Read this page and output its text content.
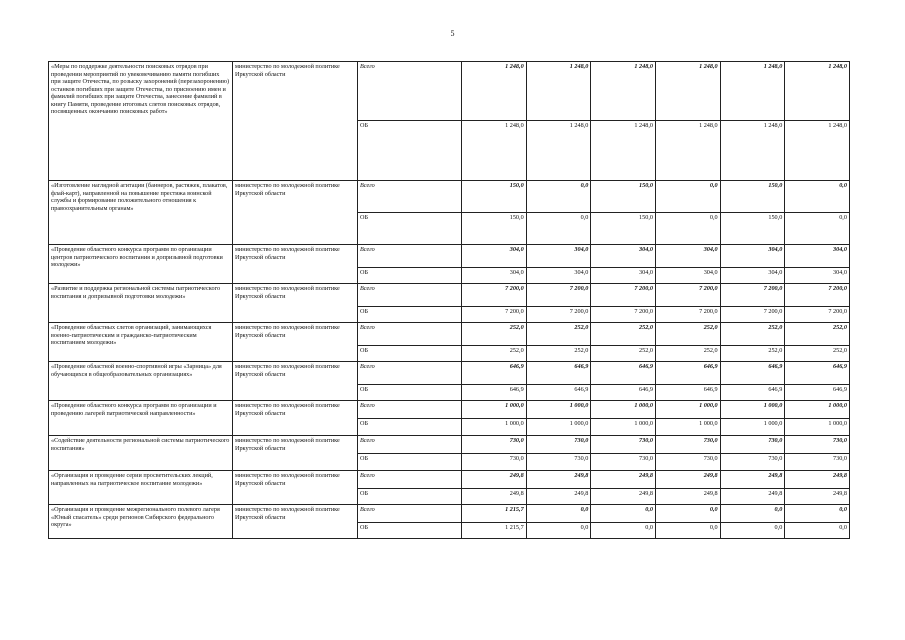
5
«Меры по поддержке деятельности поисковых отрядов при проведении мероприятий по увековечиванию памяти погибших при защите Отечества, по розыску захоронений (перезахоронению) останков погибших при защите Отечества, по присвоению имен и фамилий погибших при защите Отечества, занесение фамилий в книгу Памяти, проведение итоговых слетов поисковых отрядов, посвященных окончанию поисковых работ»	министерство по молодежной политике Иркутской области	Всего	1 248,0	1 248,0	1 248,0	1 248,0	1 248,0	1 248,0
		ОБ	1 248,0	1 248,0	1 248,0	1 248,0	1 248,0	1 248,0
«Изготовление наглядной агитации (баннеров, растяжек, плакатов, флай-карт), направленной на повышение престижа воинской службы и формирование положительного отношения к правоохранительным органам»	министерство по молодежной политике Иркутской области	Всего	150,0	0,0	150,0	0,0	150,0	0,0
		ОБ	150,0	0,0	150,0	0,0	150,0	0,0
«Проведение областного конкурса программ по организации центров патриотического воспитания и допризывной подготовки молодежи»	министерство по молодежной политике Иркутской области	Всего	304,0	304,0	304,0	304,0	304,0	304,0
		ОБ	304,0	304,0	304,0	304,0	304,0	304,0
«Развитие и поддержка региональной системы патриотического воспитания и допризывной подготовки молодежи»	министерство по молодежной политике Иркутской области	Всего	7 200,0	7 200,0	7 200,0	7 200,0	7 200,0	7 200,0
		ОБ	7 200,0	7 200,0	7 200,0	7 200,0	7 200,0	7 200,0
«Проведение областных слетов организаций, занимающихся военно-патриотическим и гражданско-патриотическим воспитанием молодежи»	министерство по молодежной политике Иркутской области	Всего	252,0	252,0	252,0	252,0	252,0	252,0
		ОБ	252,0	252,0	252,0	252,0	252,0	252,0
«Проведение областной военно-спортивной игры «Зарница» для обучающихся в общеобразовательных организациях»	министерство по молодежной политике Иркутской области	Всего	646,9	646,9	646,9	646,9	646,9	646,9
		ОБ	646,9	646,9	646,9	646,9	646,9	646,9
«Проведение областного конкурса программ по организации и проведению лагерей патриотической направленности»	министерство по молодежной политике Иркутской области	Всего	1 000,0	1 000,0	1 000,0	1 000,0	1 000,0	1 000,0
		ОБ	1 000,0	1 000,0	1 000,0	1 000,0	1 000,0	1 000,0
«Содействие деятельности региональной системы патриотического воспитания»	министерство по молодежной политике Иркутской области	Всего	730,0	730,0	730,0	730,0	730,0	730,0
		ОБ	730,0	730,0	730,0	730,0	730,0	730,0
«Организация и проведение серии просветительских лекций, направленных на патриотическое воспитание молодежи»	министерство по молодежной политике Иркутской области	Всего	249,8	249,8	249,8	249,8	249,8	249,8
		ОБ	249,8	249,8	249,8	249,8	249,8	249,8
«Организация и проведение межрегионального полевого лагеря «Юный спасатель» среди регионов Сибирского федерального округа»	министерство по молодежной политике Иркутской области	Всего	1 215,7	0,0	0,0	0,0	0,0	0,0
		ОБ	1 215,7	0,0	0,0	0,0	0,0	0,0
